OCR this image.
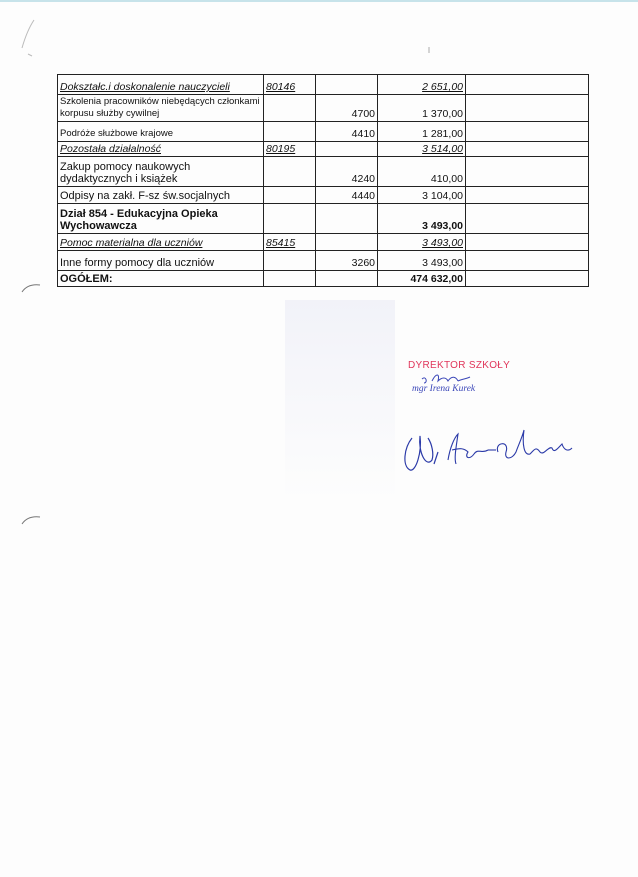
Dokształc.i doskonalenie nauczycieli	80146		2 651,00	
Szkolenia pracowników niebędących członkami korpusu służby cywilnej		4700	1 370,00	
Podróże służbowe krajowe		4410	1 281,00	
Pozostała działalność	80195		3 514,00	
Zakup pomocy naukowych dydaktycznych i książek		4240	410,00	
Odpisy na zakł. F-sz św.socjalnych		4440	3 104,00	
Dział 854 - Edukacyjna Opieka Wychowawcza			3 493,00	
Pomoc materialna dla uczniów	85415		3 493,00	
Inne formy pomocy dla uczniów		3260	3 493,00	
OGÓŁEM:			474 632,00	
DYREKTOR SZKOŁY
mgr Irena Kurek
